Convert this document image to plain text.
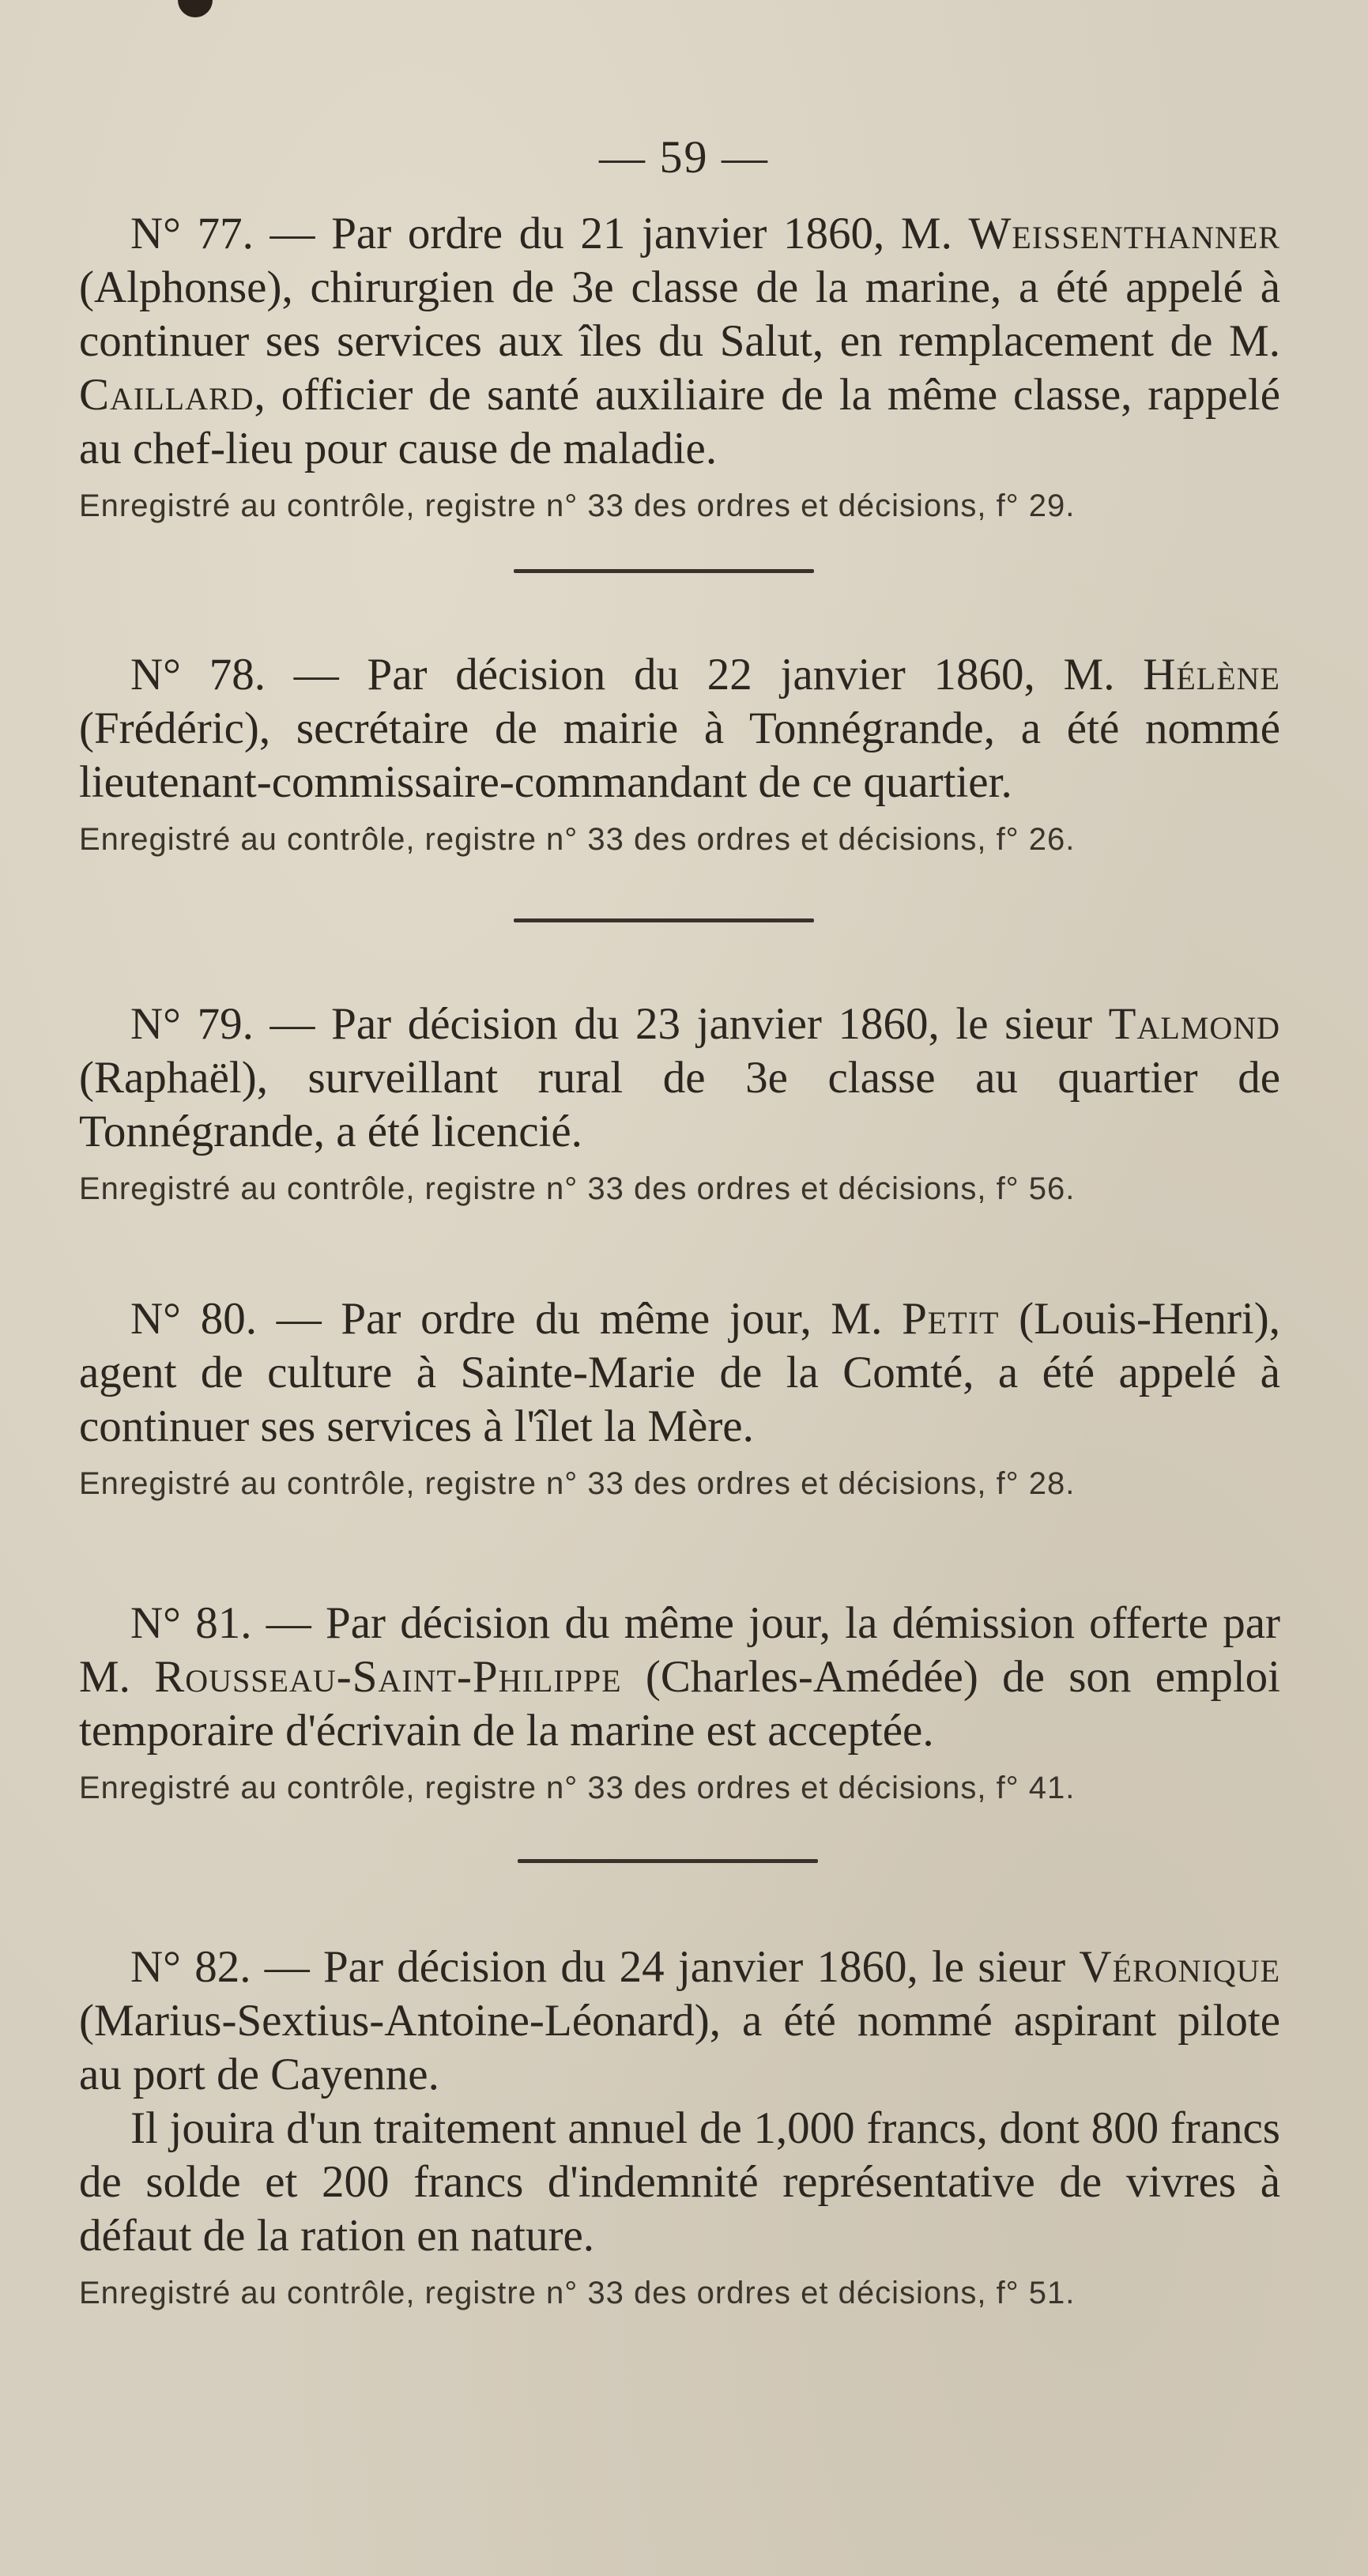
— 59 —

N° 77. — Par ordre du 21 janvier 1860, M. Weissenthanner (Alphonse), chirurgien de 3e classe de la marine, a été appelé à continuer ses services aux îles du Salut, en remplacement de M. Caillard, officier de santé auxiliaire de la même classe, rappelé au chef-lieu pour cause de maladie.

Enregistré au contrôle, registre n° 33 des ordres et décisions, f° 29.

N° 78. — Par décision du 22 janvier 1860, M. Hélène (Frédéric), secrétaire de mairie à Tonnégrande, a été nommé lieutenant-commissaire-commandant de ce quartier.

Enregistré au contrôle, registre n° 33 des ordres et décisions, f° 26.

N° 79. — Par décision du 23 janvier 1860, le sieur Talmond (Raphaël), surveillant rural de 3e classe au quartier de Tonnégrande, a été licencié.

Enregistré au contrôle, registre n° 33 des ordres et décisions, f° 56.

N° 80. — Par ordre du même jour, M. Petit (Louis-Henri), agent de culture à Sainte-Marie de la Comté, a été appelé à continuer ses services à l'îlet la Mère.

Enregistré au contrôle, registre n° 33 des ordres et décisions, f° 28.

N° 81. — Par décision du même jour, la démission offerte par M. Rousseau-Saint-Philippe (Charles-Amédée) de son emploi temporaire d'écrivain de la marine est acceptée.

Enregistré au contrôle, registre n° 33 des ordres et décisions, f° 41.

N° 82. — Par décision du 24 janvier 1860, le sieur Véronique (Marius-Sextius-Antoine-Léonard), a été nommé aspirant pilote au port de Cayenne.

Il jouira d'un traitement annuel de 1,000 francs, dont 800 francs de solde et 200 francs d'indemnité représentative de vivres à défaut de la ration en nature.

Enregistré au contrôle, registre n° 33 des ordres et décisions, f° 51.
